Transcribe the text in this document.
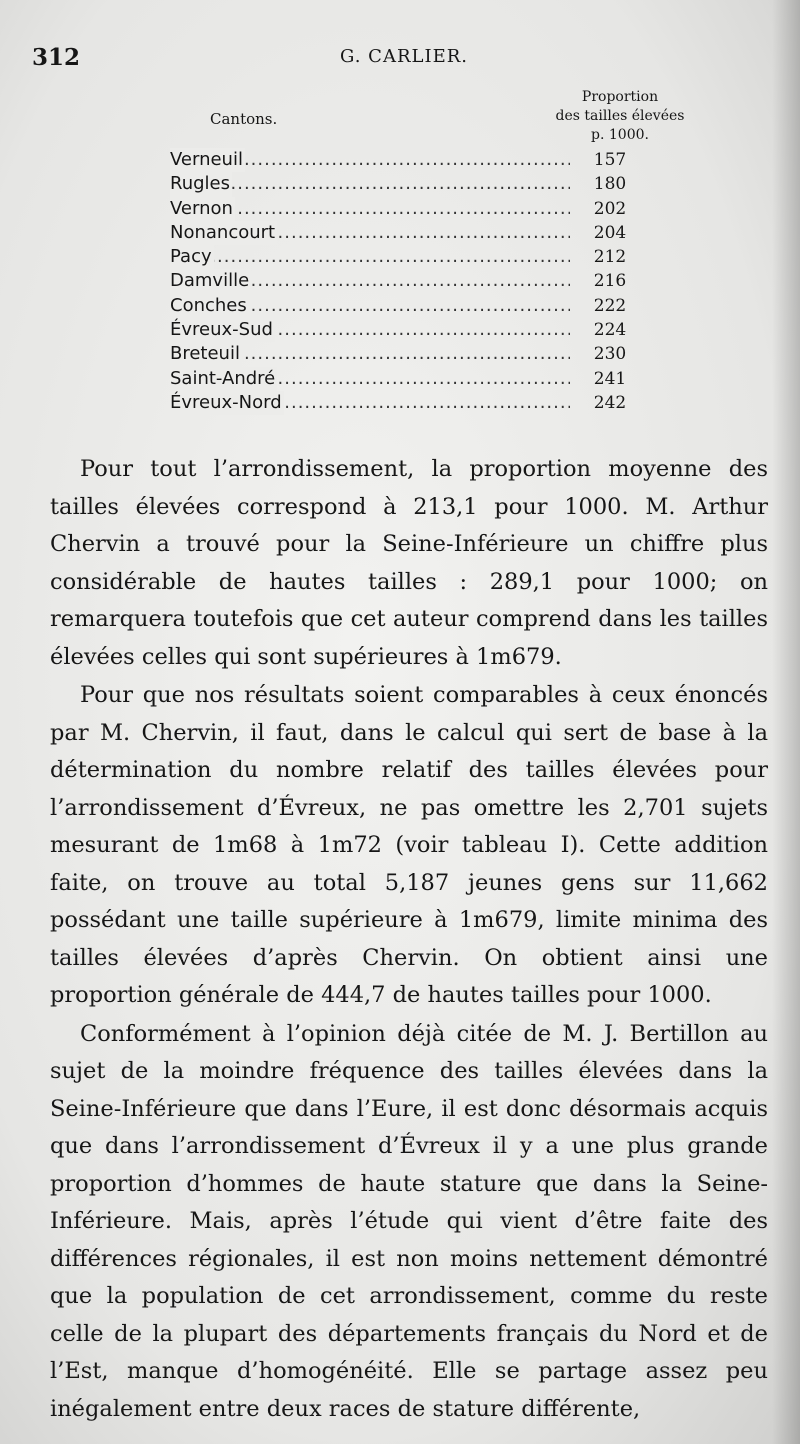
312	G. CARLIER.
Cantons.
Proportion
des tailles élevées
p. 1000.
.....
Verneuil	157
.....
Rugles	180
.....
Vernon	202
.....
Nonancourt	204
.....
Pacy	212
.....
Damville	216
.....
Conches	222
.....
Évreux-Sud	224
.....
Breteuil	230
.....
Saint-André	241
.....
Évreux-Nord	242

Pour tout l’arrondissement, la proportion moyenne des tailles élevées correspond à 213,1 pour 1000. M. Arthur Chervin a trouvé pour la Seine-Inférieure un chiffre plus considérable de hautes tailles : 289,1 pour 1000; on remarquera toutefois que cet auteur comprend dans les tailles élevées celles qui sont supérieures à 1m679.

Pour que nos résultats soient comparables à ceux énoncés par M. Chervin, il faut, dans le calcul qui sert de base à la détermination du nombre relatif des tailles élevées pour l’arrondissement d’Évreux, ne pas omettre les 2,701 sujets mesurant de 1m68 à 1m72 (voir tableau I). Cette addition faite, on trouve au total 5,187 jeunes gens sur 11,662 possédant une taille supérieure à 1m679, limite minima des tailles élevées d’après Chervin. On obtient ainsi une proportion générale de 444,7 de hautes tailles pour 1000.

Conformément à l’opinion déjà citée de M. J. Bertillon au sujet de la moindre fréquence des tailles élevées dans la Seine-Inférieure que dans l’Eure, il est donc désormais acquis que dans l’arrondissement d’Évreux il y a une plus grande proportion d’hommes de haute stature que dans la Seine-Inférieure. Mais, après l’étude qui vient d’être faite des différences régionales, il est non moins nettement démontré que la population de cet arrondissement, comme du reste celle de la plupart des départements français du Nord et de l’Est, manque d’homogénéité. Elle se partage assez peu inégalement entre deux races de stature différente,
